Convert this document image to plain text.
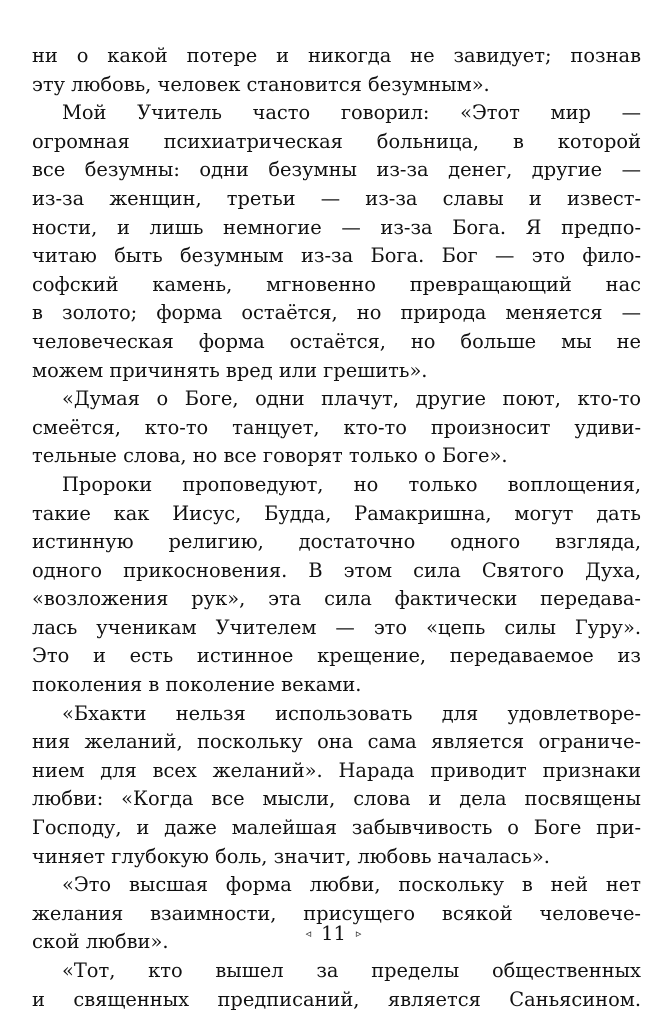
ни о какой потере и никогда не завидует; познав
эту любовь, человек становится безумным».
Мой Учитель часто говорил: «Этот мир —
огромная психиатрическая больница, в которой
все безумны: одни безумны из-за денег, другие —
из-за женщин, третьи — из-за славы и извест-
ности, и лишь немногие — из-за Бога. Я предпо-
читаю быть безумным из-за Бога. Бог — это фило-
софский камень, мгновенно превращающий нас
в золото; форма остаётся, но природа меняется —
человеческая форма остаётся, но больше мы не
можем причинять вред или грешить».
«Думая о Боге, одни плачут, другие поют, кто-то
смеётся, кто-то танцует, кто-то произносит удиви-
тельные слова, но все говорят только о Боге».
Пророки проповедуют, но только воплощения,
такие как Иисус, Будда, Рамакришна, могут дать
истинную религию, достаточно одного взгляда,
одного прикосновения. В этом сила Святого Духа,
«возложения рук», эта сила фактически передава-
лась ученикам Учителем — это «цепь силы Гуру».
Это и есть истинное крещение, передаваемое из
поколения в поколение веками.
«Бхакти нельзя использовать для удовлетворе-
ния желаний, поскольку она сама является ограниче-
нием для всех желаний». Нарада приводит признаки
любви: «Когда все мысли, слова и дела посвящены
Господу, и даже малейшая забывчивость о Боге при-
чиняет глубокую боль, значит, любовь началась».
«Это высшая форма любви, поскольку в ней нет
желания взаимности, присущего всякой человече-
ской любви».
«Тот, кто вышел за пределы общественных
и священных предписаний, является Саньясином.
◃ 11 ▹
